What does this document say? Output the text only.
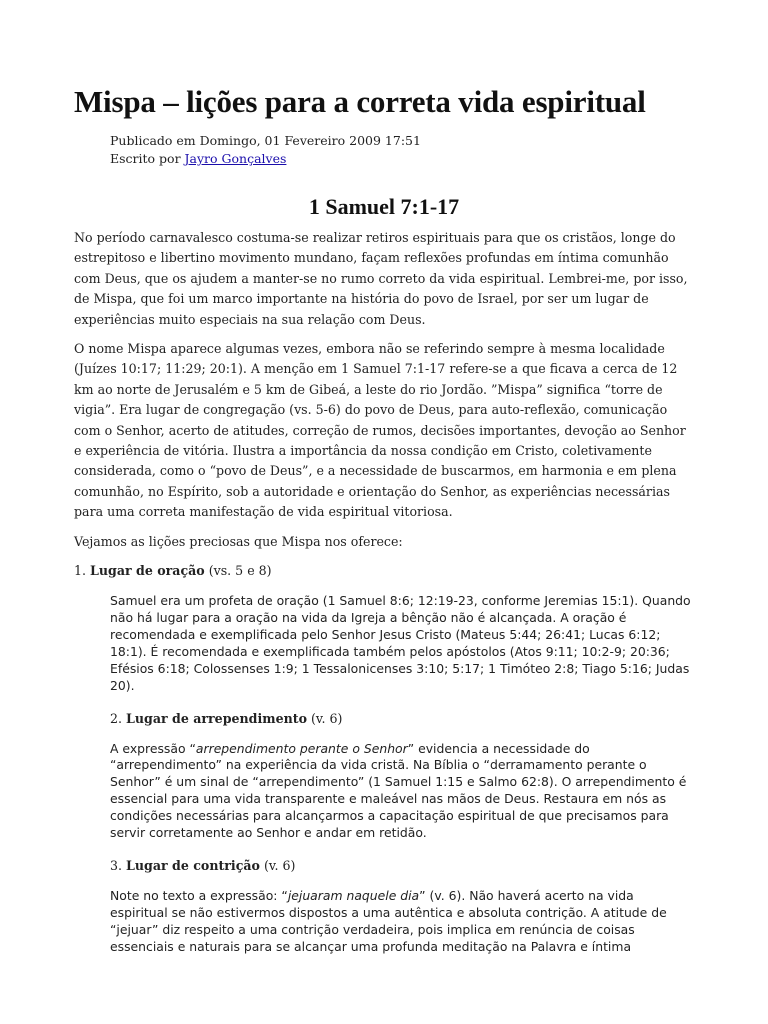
Mispa – lições para a correta vida espiritual
Publicado em Domingo, 01 Fevereiro 2009 17:51
Escrito por Jayro Gonçalves
1 Samuel 7:1-17

No período carnavalesco costuma-se realizar retiros espirituais para que os cristãos, longe do estrepitoso e libertino movimento mundano, façam reflexões profundas em íntima comunhão com Deus, que os ajudem a manter-se no rumo correto da vida espiritual. Lembrei-me, por isso, de Mispa, que foi um marco importante na história do povo de Israel, por ser um lugar de experiências muito especiais na sua relação com Deus.

O nome Mispa aparece algumas vezes, embora não se referindo sempre à mesma localidade (Juízes 10:17; 11:29; 20:1). A menção em 1 Samuel 7:1-17 refere-se a que ficava a cerca de 12 km ao norte de Jerusalém e 5 km de Gibeá, a leste do rio Jordão. ”Mispa” significa “torre de vigia”. Era lugar de congregação (vs. 5-6) do povo de Deus, para auto-reflexão, comunicação com o Senhor, acerto de atitudes, correção de rumos, decisões importantes, devoção ao Senhor e experiência de vitória. Ilustra a importância da nossa condição em Cristo, coletivamente considerada, como o “povo de Deus”, e a necessidade de buscarmos, em harmonia e em plena comunhão, no Espírito, sob a autoridade e orientação do Senhor, as experiências necessárias para uma correta manifestação de vida espiritual vitoriosa.

Vejamos as lições preciosas que Mispa nos oferece:

1. Lugar de oração (vs. 5 e 8)
Samuel era um profeta de oração (1 Samuel 8:6; 12:19-23, conforme Jeremias 15:1). Quando não há lugar para a oração na vida da Igreja a bênção não é alcançada. A oração é recomendada e exemplificada pelo Senhor Jesus Cristo (Mateus 5:44; 26:41; Lucas 6:12; 18:1). É recomendada e exemplificada também pelos apóstolos (Atos 9:11; 10:2-9; 20:36; Efésios 6:18; Colossenses 1:9; 1 Tessalonicenses 3:10; 5:17; 1 Timóteo 2:8; Tiago 5:16; Judas 20).
2. Lugar de arrependimento (v. 6)
A expressão “arrependimento perante o Senhor” evidencia a necessidade do “arrependimento” na experiência da vida cristã. Na Bíblia o “derramamento perante o Senhor” é um sinal de “arrependimento” (1 Samuel 1:15 e Salmo 62:8). O arrependimento é essencial para uma vida transparente e maleável nas mãos de Deus. Restaura em nós as condições necessárias para alcançarmos a capacitação espiritual de que precisamos para servir corretamente ao Senhor e andar em retidão.
3. Lugar de contrição (v. 6)
Note no texto a expressão: “jejuaram naquele dia” (v. 6). Não haverá acerto na vida espiritual se não estivermos dispostos a uma autêntica e absoluta contrição. A atitude de “jejuar” diz respeito a uma contrição verdadeira, pois implica em renúncia de coisas essenciais e naturais para se alcançar uma profunda meditação na Palavra e íntima
